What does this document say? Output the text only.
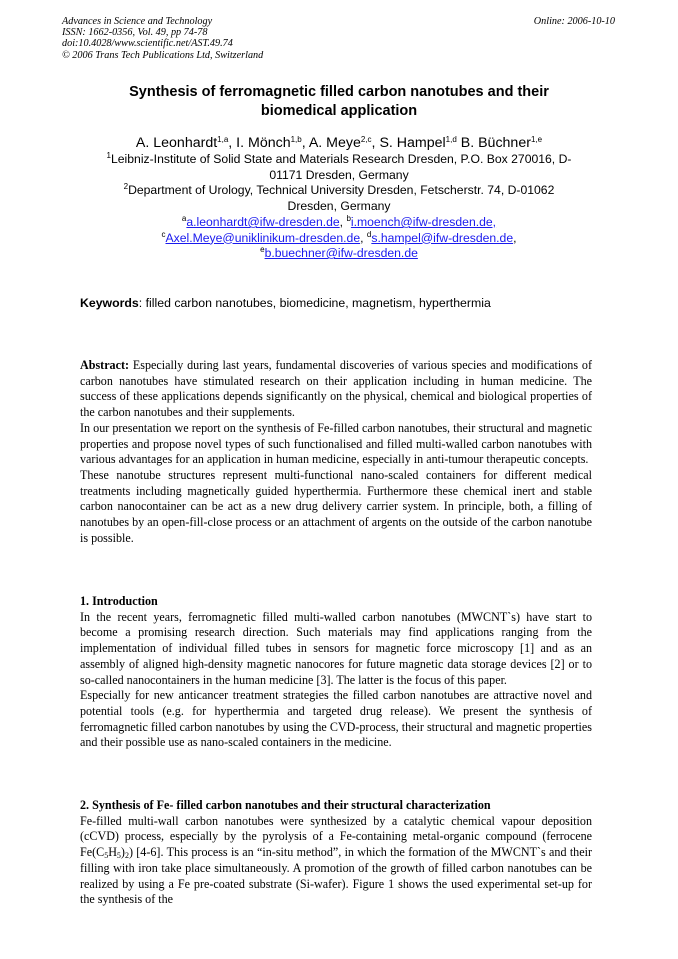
Advances in Science and Technology
ISSN: 1662-0356, Vol. 49, pp 74-78
doi:10.4028/www.scientific.net/AST.49.74
© 2006 Trans Tech Publications Ltd, Switzerland
Online: 2006-10-10
Synthesis of ferromagnetic filled carbon nanotubes and their biomedical application
A. Leonhardt$^{1,a}$, I. Mönch$^{1,b}$, A. Meye$^{2,c}$, S. Hampel$^{1,d}$ B. Büchner$^{1,e}$
$^1$Leibniz-Institute of Solid State and Materials Research Dresden, P.O. Box 270016, D-01171 Dresden, Germany
$^2$Department of Urology, Technical University Dresden, Fetscherstr. 74, D-01062 Dresden, Germany
$^a$a.leonhardt@ifw-dresden.de, $^b$i.moench@ifw-dresden.de,
$^c$Axel.Meye@uniklinikum-dresden.de, $^d$s.hampel@ifw-dresden.de,
$^e$b.buechner@ifw-dresden.de
Keywords: filled carbon nanotubes, biomedicine, magnetism, hyperthermia

Abstract: Especially during last years, fundamental discoveries of various species and modifications of carbon nanotubes have stimulated research on their application including in human medicine. The success of these applications depends significantly on the physical, chemical and biological properties of the carbon nanotubes and their supplements.

In our presentation we report on the synthesis of Fe-filled carbon nanotubes, their structural and magnetic properties and propose novel types of such functionalised and filled multi-walled carbon nanotubes with various advantages for an application in human medicine, especially in anti-tumour therapeutic concepts.

These nanotube structures represent multi-functional nano-scaled containers for different medical treatments including magnetically guided hyperthermia. Furthermore these chemical inert and stable carbon nanocontainer can be act as a new drug delivery carrier system. In principle, both, a filling of nanotubes by an open-fill-close process or an attachment of argents on the outside of the carbon nanotube is possible.

1. Introduction

In the recent years, ferromagnetic filled multi-walled carbon nanotubes (MWCNT`s) have start to become a promising research direction. Such materials may find applications ranging from the implementation of individual filled tubes in sensors for magnetic force microscopy [1] and as an assembly of aligned high-density magnetic nanocores for future magnetic data storage devices [2] or to so-called nanocontainers in the human medicine [3]. The latter is the focus of this paper.

Especially for new anticancer treatment strategies the filled carbon nanotubes are attractive novel and potential tools (e.g. for hyperthermia and targeted drug release). We present the synthesis of ferromagnetic filled carbon nanotubes by using the CVD-process, their structural and magnetic properties and their possible use as nano-scaled containers in the medicine.

2. Synthesis of Fe- filled carbon nanotubes and their structural characterization

Fe-filled multi-wall carbon nanotubes were synthesized by a catalytic chemical vapour deposition (cCVD) process, especially by the pyrolysis of a Fe-containing metal-organic compound (ferrocene $Fe(C_5H_5)_2$) [4-6]. This process is an “in-situ method”, in which the formation of the MWCNT`s and their filling with iron take place simultaneously. A promotion of the growth of filled carbon nanotubes can be realized by using a Fe pre-coated substrate (Si-wafer). Figure 1 shows the used experimental set-up for the synthesis of the
